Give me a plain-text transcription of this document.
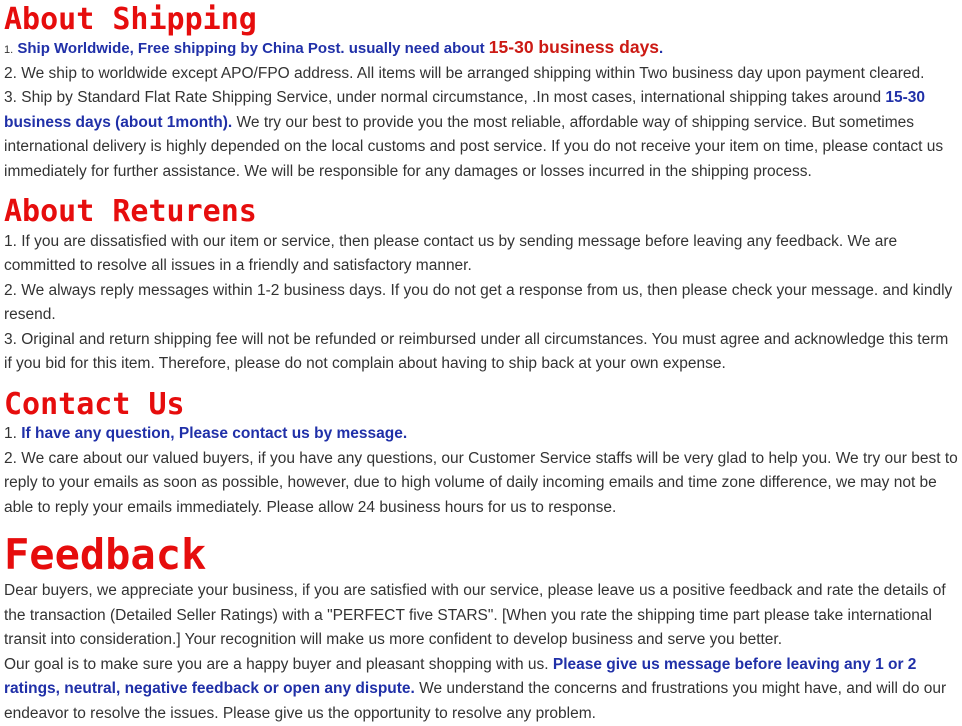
About Shipping

1. Ship Worldwide, Free shipping by China Post. usually need about 15-30 business days.

2. We ship to worldwide except APO/FPO address. All items will be arranged shipping within Two business day upon payment cleared.

3. Ship by Standard Flat Rate Shipping Service, under normal circumstance, .In most cases, international shipping takes around 15-30 business days (about 1month). We try our best to provide you the most reliable, affordable way of shipping service. But sometimes international delivery is highly depended on the local customs and post service. If you do not receive your item on time, please contact us immediately for further assistance. We will be responsible for any damages or losses incurred in the shipping process.

About Returens

1. If you are dissatisfied with our item or service, then please contact us by sending message before leaving any feedback. We are committed to resolve all issues in a friendly and satisfactory manner.

2. We always reply messages within 1-2 business days. If you do not get a response from us, then please check your message. and kindly resend.

3. Original and return shipping fee will not be refunded or reimbursed under all circumstances. You must agree and acknowledge this term if you bid for this item. Therefore, please do not complain about having to ship back at your own expense.

Contact Us

1. If have any question, Please contact us by message.

2. We care about our valued buyers, if you have any questions, our Customer Service staffs will be very glad to help you. We try our best to reply to your emails as soon as possible, however, due to high volume of daily incoming emails and time zone difference, we may not be able to reply your emails immediately. Please allow 24 business hours for us to response.

Feedback

Dear buyers, we appreciate your business, if you are satisfied with our service, please leave us a positive feedback and rate the details of the transaction (Detailed Seller Ratings) with a "PERFECT five STARS". [When you rate the shipping time part please take international transit into consideration.] Your recognition will make us more confident to develop business and serve you better.

Our goal is to make sure you are a happy buyer and pleasant shopping with us. Please give us message before leaving any 1 or 2 ratings, neutral, negative feedback or open any dispute. We understand the concerns and frustrations you might have, and will do our endeavor to resolve the issues. Please give us the opportunity to resolve any problem.
